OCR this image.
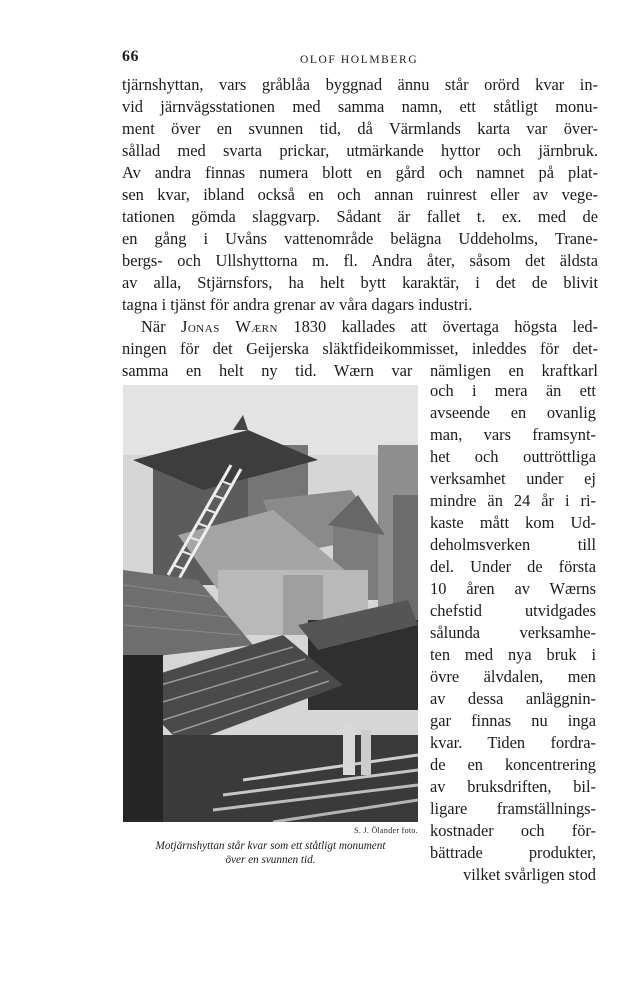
66	OLOF HOLMBERG
tjärnshyttan, vars gråblåa byggnad ännu står orörd kvar in-
vid järnvägsstationen med samma namn, ett ståtligt monu-
ment över en svunnen tid, då Värmlands karta var över-
sållad med svarta prickar, utmärkande hyttor och järnbruk.
Av andra finnas numera blott en gård och namnet på plat-
sen kvar, ibland också en och annan ruinrest eller av vege-
tationen gömda slaggvarp. Sådant är fallet t. ex. med de
en gång i Uvåns vattenområde belägna Uddeholms, Trane-
bergs- och Ullshyttorna m. fl. Andra åter, såsom det äldsta
av alla, Stjärnsfors, ha helt bytt karaktär, i det de blivit
tagna i tjänst för andra grenar av våra dagars industri.
När Jonas Wærn 1830 kallades att övertaga högsta led-
ningen för det Geijerska släktfideikommisset, inleddes för det-
samma en helt ny tid. Wærn var nämligen en kraftkarl
och i mera än ett
avseende en ovanlig
man, vars framsynt-
het och outtröttliga
verksamhet under ej
mindre än 24 år i ri-
kaste mått kom Ud-
deholmsverken till
del. Under de första
10 åren av Wærns
chefstid utvidgades
sålunda verksamhe-
ten med nya bruk i
övre älvdalen, men
av dessa anläggnin-
gar finnas nu inga
kvar. Tiden fordra-
de en koncentrering
av bruksdriften, bil-
ligare framställnings-
kostnader och för-
bättrade produkter,
vilket svårligen stod
S. J. Ölander foto.
Motjärnshyttan står kvar som ett ståtligt monument
över en svunnen tid.
